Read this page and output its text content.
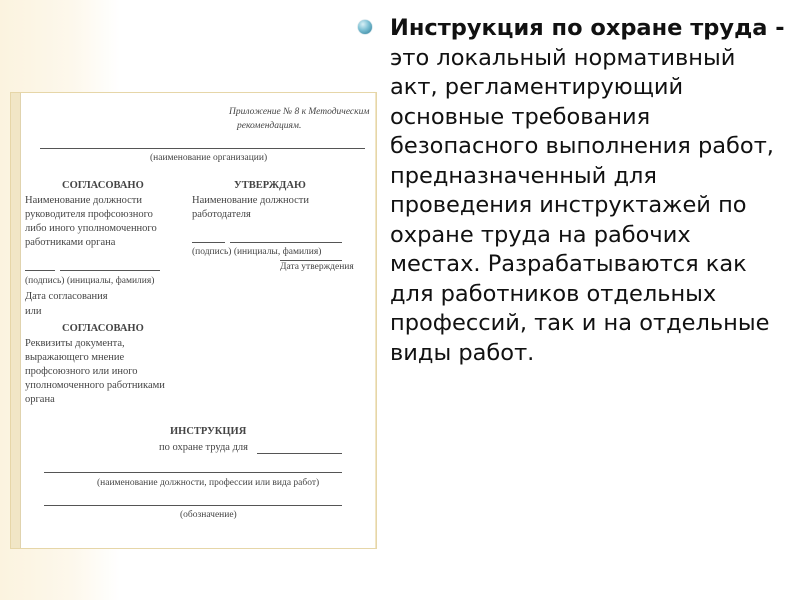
Приложение № 8 к Методическим
рекомендациям.
(наименование организации)
СОГЛАСОВАНО
Наименование должности
руководителя профсоюзного
либо иного уполномоченного
работниками органа
(подпись) (инициалы, фамилия)
Дата согласования
или
СОГЛАСОВАНО
Реквизиты документа,
выражающего мнение
профсоюзного или иного
уполномоченного работниками
органа
УТВЕРЖДАЮ
Наименование должности
работодателя
(подпись) (инициалы, фамилия)
Дата утверждения
ИНСТРУКЦИЯ
по охране труда для
(наименование должности, профессии или вида работ)
(обозначение)
Инструкция по охране труда - это локальный нормативный акт, регламентирующий основные требования безопасного выполнения работ, предназначенный для проведения инструктажей по охране труда на рабочих местах. Разрабатываются как для работников отдельных профессий, так и на отдельные виды работ.
